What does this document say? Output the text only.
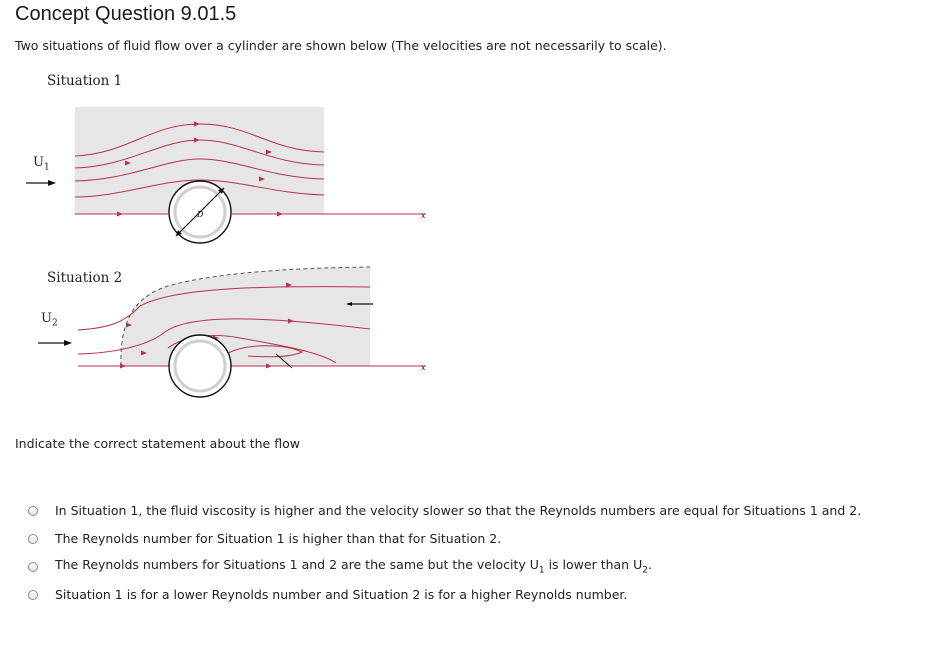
Concept Question 9.01.5
Two situations of fluid flow over a cylinder are shown below (The velocities are not necessarily to scale).
Situation 1
$U_1$
Situation 2
$U_2$
D	x
x
Indicate the correct statement about the flow
In Situation 1, the fluid viscosity is higher and the velocity slower so that the Reynolds numbers are equal for Situations 1 and 2.
The Reynolds number for Situation 1 is higher than that for Situation 2.
The Reynolds numbers for Situations 1 and 2 are the same but the velocity $U_1$ is lower than $U_2$.
Situation 1 is for a lower Reynolds number and Situation 2 is for a higher Reynolds number.
